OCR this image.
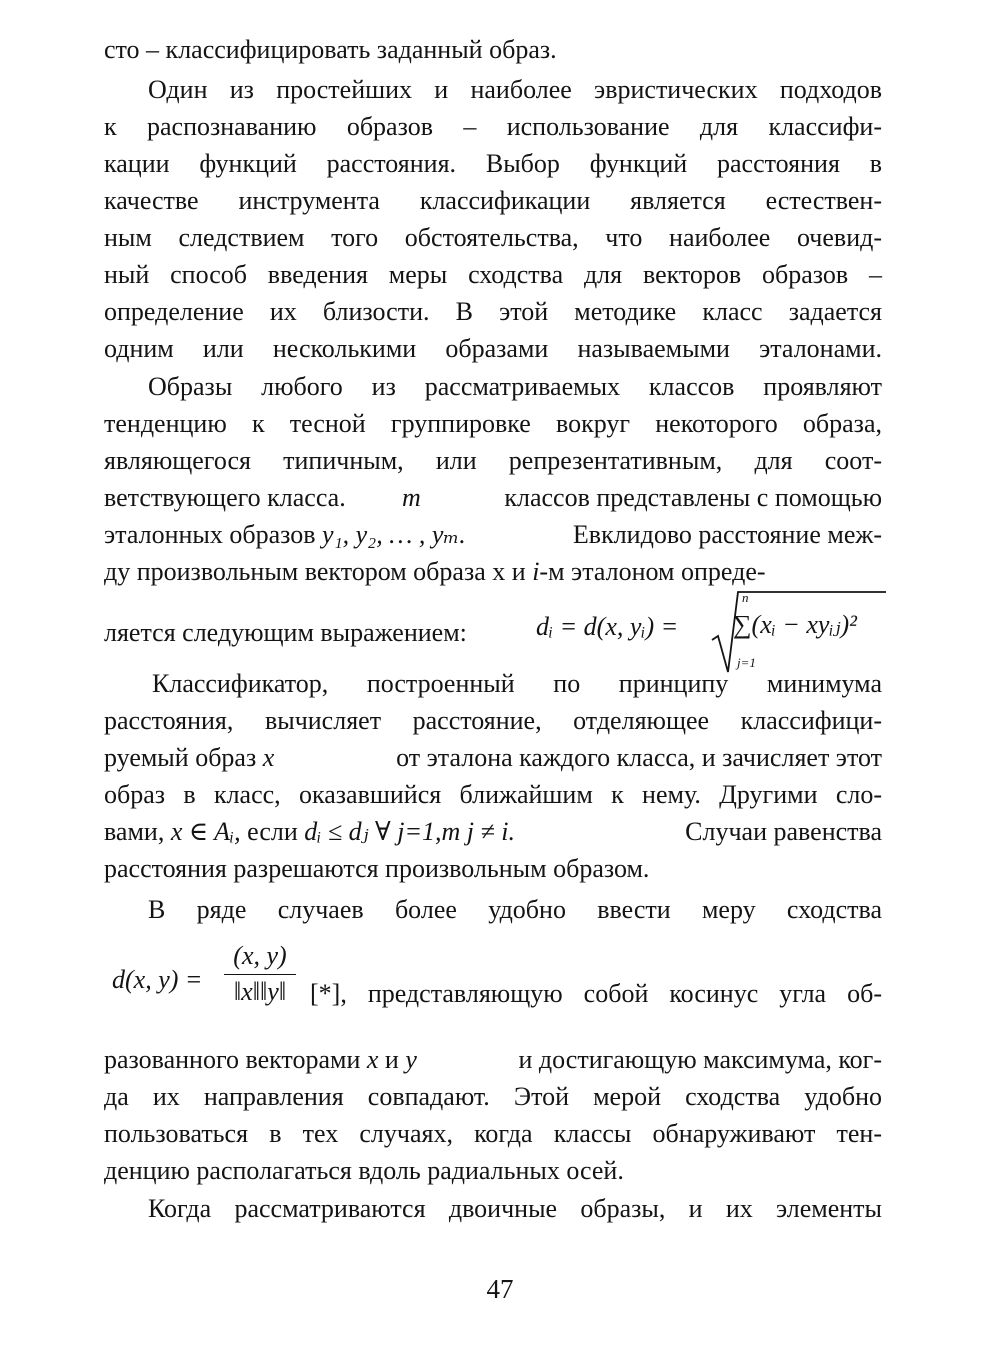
сто – классифицировать заданный образ.
Один из простейших и наиболее эвристических подходов
к распознаванию образов – использование для классифи-
кации функций расстояния. Выбор функций расстояния в
качестве инструмента классификации является естествен-
ным следствием того обстоятельства, что наиболее очевид-
ный способ введения меры сходства для векторов образов –
определение их близости. В этой методике класс задается
одним или несколькими образами называемыми эталонами.
Образы любого из рассматриваемых классов проявляют
тенденцию к тесной группировке вокруг некоторого образа,
являющегося типичным, или репрезентативным, для соот-
ветствующего класса. m	классов представлены с помощью
эталонных образов y₁, y₂, … , yₘ.	Евклидово расстояние меж-
ду произвольным вектором образа х и i-м эталоном опреде-
ляется следующим выражением:	dᵢ = d(x, yᵢ) =
n
∑(xᵢ − xyᵢⱼ)²
j=1
Классификатор, построенный по принципу минимума
расстояния, вычисляет расстояние, отделяющее классифици-
руемый образ x	от эталона каждого класса, и зачисляет этот
образ в класс, оказавшийся ближайшим к нему. Другими сло-
вами, x ∈ Aᵢ, если dᵢ ≤ dⱼ ∀ j=1,m j ≠ i.	Случаи равенства
расстояния разрешаются произвольным образом.
В ряде случаев более удобно ввести меру сходства
d(x, $y) = \frac{(x, y)}{‖x‖‖y‖}$ [*], представляющую собой косинус угла об-
разованного векторами x и y	и достигающую максимума, ког-
да их направления совпадают. Этой мерой сходства удобно
пользоваться в тех случаях, когда классы обнаруживают тен-
денцию располагаться вдоль радиальных осей.
Когда рассматриваются двоичные образы, и их элементы
47
